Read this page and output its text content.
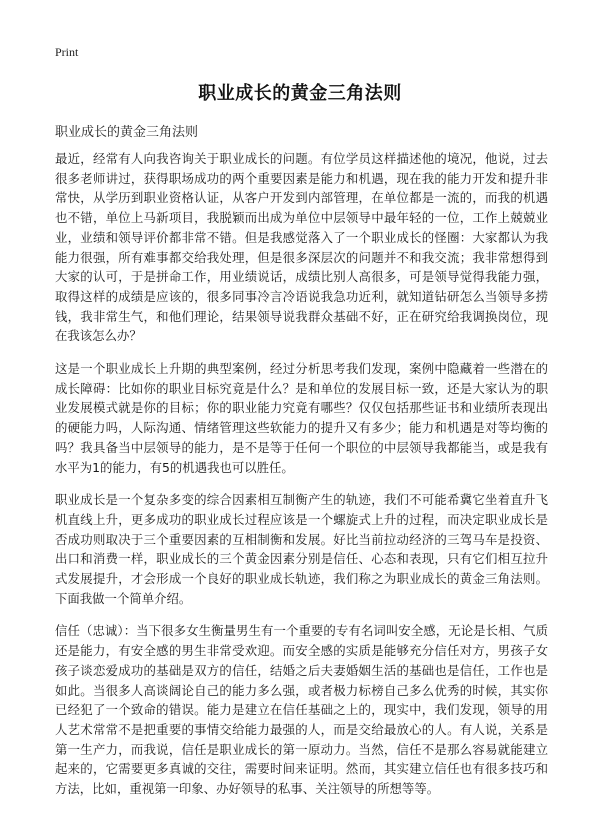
Print
职业成长的黄金三角法则
职业成长的黄金三角法则

最近，经常有人向我咨询关于职业成长的问题。有位学员这样描述他的境况，他说，过去很多老师讲过，获得职场成功的两个重要因素是能力和机遇，现在我的能力开发和提升非常快，从学历到职业资格认证，从客户开发到内部管理，在单位都是一流的，而我的机遇也不错，单位上马新项目，我脱颖而出成为单位中层领导中最年轻的一位，工作上兢兢业业，业绩和领导评价都非常不错。但是我感觉落入了一个职业成长的怪圈：大家都认为我能力很强，所有难事都交给我处理，但是很多深层次的问题并不和我交流；我非常想得到大家的认可，于是拼命工作，用业绩说话，成绩比别人高很多，可是领导觉得我能力强，取得这样的成绩是应该的，很多同事冷言冷语说我急功近利，就知道钻研怎么当领导多捞钱，我非常生气，和他们理论，结果领导说我群众基础不好，正在研究给我调换岗位，现在我该怎么办？

这是一个职业成长上升期的典型案例，经过分析思考我们发现，案例中隐藏着一些潜在的成长障碍：比如你的职业目标究竟是什么？是和单位的发展目标一致，还是大家认为的职业发展模式就是你的目标；你的职业能力究竟有哪些？仅仅包括那些证书和业绩所表现出的硬能力吗，人际沟通、情绪管理这些软能力的提升又有多少；能力和机遇是对等均衡的吗？我具备当中层领导的能力，是不是等于任何一个职位的中层领导我都能当，或是我有水平为1的能力，有5的机遇我也可以胜任。

职业成长是一个复杂多变的综合因素相互制衡产生的轨迹，我们不可能希冀它坐着直升飞机直线上升，更多成功的职业成长过程应该是一个螺旋式上升的过程，而决定职业成长是否成功则取决于三个重要因素的互相制衡和发展。好比当前拉动经济的三驾马车是投资、出口和消费一样，职业成长的三个黄金因素分别是信任、心态和表现，只有它们相互拉升式发展提升，才会形成一个良好的职业成长轨迹，我们称之为职业成长的黄金三角法则。下面我做一个简单介绍。

信任（忠诚）：当下很多女生衡量男生有一个重要的专有名词叫安全感，无论是长相、气质还是能力，有安全感的男生非常受欢迎。而安全感的实质是能够充分信任对方，男孩子女孩子谈恋爱成功的基础是双方的信任，结婚之后夫妻婚姻生活的基础也是信任，工作也是如此。当很多人高谈阔论自己的能力多么强，或者极力标榜自己多么优秀的时候，其实你已经犯了一个致命的错误。能力是建立在信任基础之上的，现实中，我们发现，领导的用人艺术常常不是把重要的事情交给能力最强的人，而是交给最放心的人。有人说，关系是第一生产力，而我说，信任是职业成长的第一原动力。当然，信任不是那么容易就能建立起来的，它需要更多真诚的交往，需要时间来证明。然而，其实建立信任也有很多技巧和方法，比如，重视第一印象、办好领导的私事、关注领导的所想等等。
